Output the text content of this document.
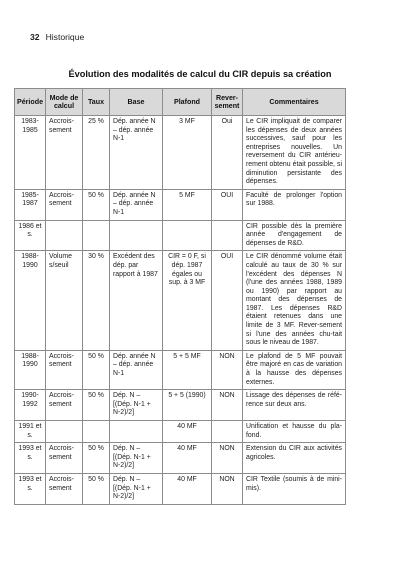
32 Historique
Évolution des modalités de calcul du CIR depuis sa création
Période	Mode de calcul	Taux	Base	Plafond	Rever-sement	Commentaires
1983-1985	Accrois-sement	25 %	Dép. année N – dép. année N-1	3 MF	Oui	Le CIR impliquait de comparer les dépenses de deux années successives, sauf pour les entreprises nouvelles. Un reversement du CIR antérieu-rement obtenu était possible, si diminution persistante des dépenses.
1985-1987	Accrois-sement	50 %	Dép. année N – dép. année N-1	5 MF	OUI	Faculté de prolonger l'option sur 1988.
1986 et s.						CIR possible dès la première année d'engagement de dépenses de R&D.
1988-1990	Volume s/seuil	30 %	Excédent des dép. par rapport à 1987	CIR = 0 F, si dép. 1987 égales ou sup. à 3 MF	OUI	Le CIR dénommé volume était calculé au taux de 30 % sur l'excédent des dépenses N (l'une des années 1988, 1989 ou 1990) par rapport au montant des dépenses de 1987. Les dépenses R&D étaient retenues dans une limite de 3 MF. Rever-sement si l'une des années chu-tait sous le niveau de 1987.
1988-1990	Accrois-sement	50 %	Dép. année N – dép. année N-1	5 + 5 MF	NON	Le plafond de 5 MF pouvait être majoré en cas de variation à la hausse des dépenses externes.
1990-1992	Accrois-sement	50 %	Dép. N – [(Dép. N-1 + N-2)/2]	5 + 5 (1990)	NON	Lissage des dépenses de réfé-rence sur deux ans.
1991 et s.				40 MF		Unification et hausse du pla-fond.
1993 et s.	Accrois-sement	50 %	Dép. N – [(Dép. N-1 + N-2)/2]	40 MF	NON	Extension du CIR aux activités agricoles.
1993 et s.	Accrois-sement	50 %	Dép. N – [(Dép. N-1 + N-2)/2]	40 MF	NON	CIR Textile (soumis à de mini-mis).
